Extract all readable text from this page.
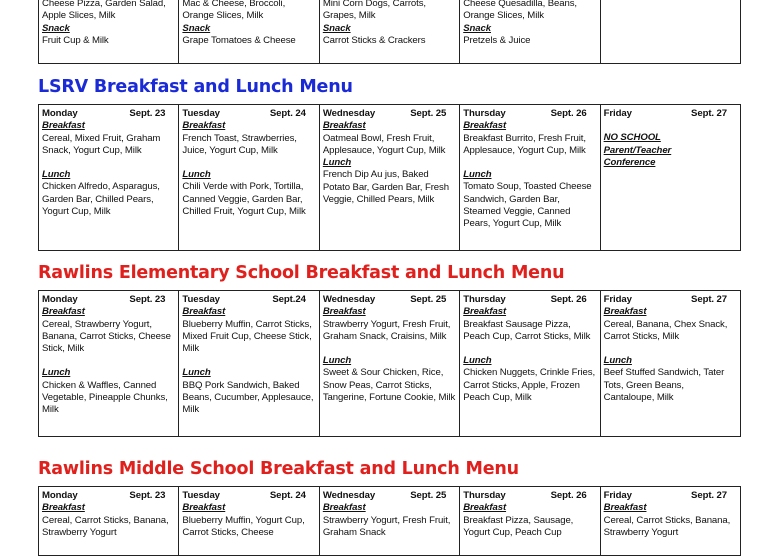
Cheese Pizza, Garden Salad,
Apple Slices, Milk
Snack
Fruit Cup & Milk
Mac & Cheese, Broccoli,
Orange Slices, Milk
Snack
Grape Tomatoes & Cheese
Mini Corn Dogs, Carrots,
Grapes, Milk
Snack
Carrot Sticks & Crackers
Cheese Quesadilla, Beans,
Orange Slices, Milk
Snack
Pretzels & Juice
LSRV Breakfast and Lunch Menu
Monday	Sept. 23
Breakfast
Cereal, Mixed Fruit, Graham Snack, Yogurt Cup, Milk
Lunch
Chicken Alfredo, Asparagus, Garden Bar, Chilled Pears, Yogurt Cup, Milk
Tuesday	Sept. 24
Breakfast
French Toast, Strawberries, Juice, Yogurt Cup, Milk
Lunch
Chili Verde with Pork, Tortilla, Canned Veggie, Garden Bar, Chilled Fruit, Yogurt Cup, Milk
Wednesday	Sept. 25
Breakfast
Oatmeal Bowl, Fresh Fruit, Applesauce, Yogurt Cup, Milk
Lunch
French Dip Au jus, Baked Potato Bar, Garden Bar, Fresh Veggie, Chilled Pears, Milk
Thursday	Sept. 26
Breakfast
Breakfast Burrito, Fresh Fruit, Applesauce, Yogurt Cup, Milk
Lunch
Tomato Soup, Toasted Cheese Sandwich, Garden Bar, Steamed Veggie, Canned Pears, Yogurt Cup, Milk
Friday	Sept. 27
NO SCHOOL Parent/Teacher Conference
Rawlins Elementary School Breakfast and Lunch Menu
Monday	Sept. 23
Breakfast
Cereal, Strawberry Yogurt, Banana, Carrot Sticks, Cheese Stick, Milk
Lunch
Chicken & Waffles, Canned Vegetable, Pineapple Chunks, Milk
Tuesday	Sept.24
Breakfast
Blueberry Muffin, Carrot Sticks, Mixed Fruit Cup, Cheese Stick, Milk
Lunch
BBQ Pork Sandwich, Baked Beans, Cucumber, Applesauce, Milk
Wednesday	Sept. 25
Breakfast
Strawberry Yogurt, Fresh Fruit, Graham Snack, Craisins, Milk
Lunch
Sweet & Sour Chicken, Rice, Snow Peas, Carrot Sticks, Tangerine, Fortune Cookie, Milk
Thursday	Sept. 26
Breakfast
Breakfast Sausage Pizza, Peach Cup, Carrot Sticks, Milk
Lunch
Chicken Nuggets, Crinkle Fries, Carrot Sticks, Apple, Frozen Peach Cup, Milk
Friday	Sept. 27
Breakfast
Cereal, Banana, Chex Snack, Carrot Sticks, Milk
Lunch
Beef Stuffed Sandwich, Tater Tots, Green Beans, Cantaloupe, Milk
Rawlins Middle School Breakfast and Lunch Menu
Monday	Sept. 23
Breakfast
Cereal, Carrot Sticks, Banana, Strawberry Yogurt
Tuesday	Sept. 24
Breakfast
Blueberry Muffin, Yogurt Cup, Carrot Sticks, Cheese
Wednesday	Sept. 25
Breakfast
Strawberry Yogurt, Fresh Fruit, Graham Snack
Thursday	Sept. 26
Breakfast
Breakfast Pizza, Sausage, Yogurt Cup, Peach Cup
Friday	Sept. 27
Breakfast
Cereal, Carrot Sticks, Banana, Strawberry Yogurt
